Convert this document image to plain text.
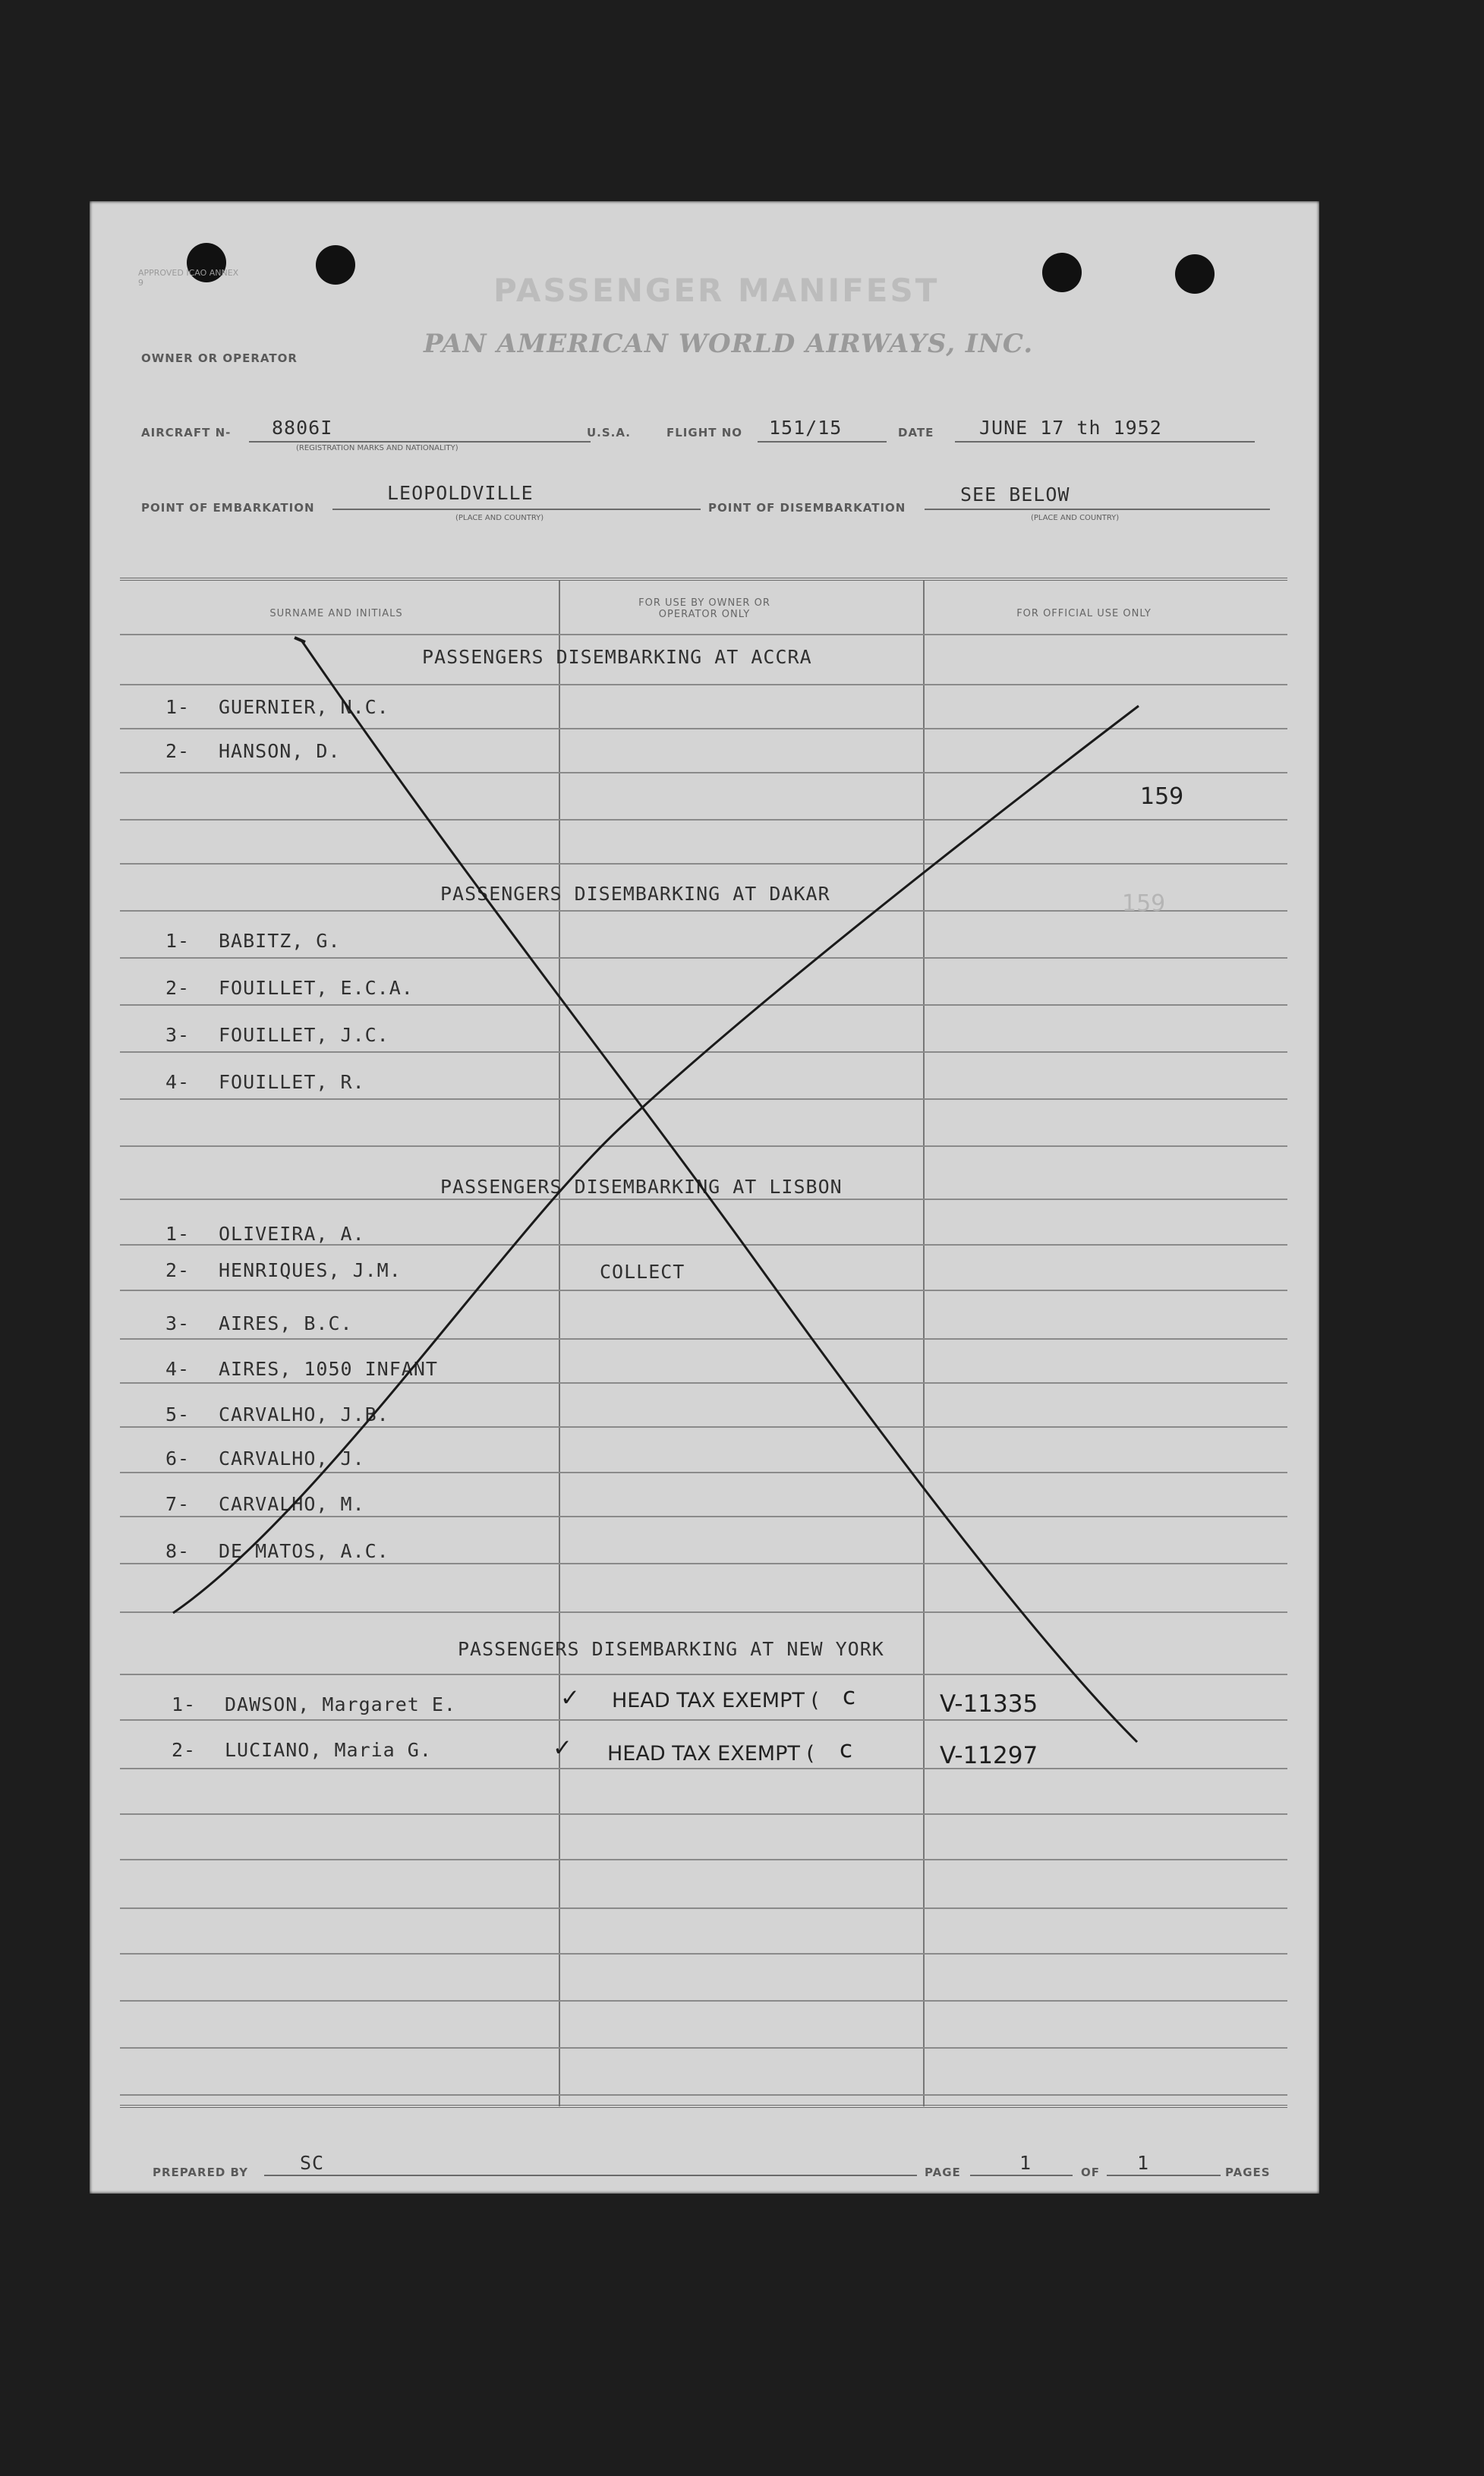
APPROVED ICAO ANNEX 9	PASSENGER MANIFEST
OWNER OR OPERATOR	PAN AMERICAN WORLD AIRWAYS, INC.
AIRCRAFT N- 8806I
(REGISTRATION MARKS AND NATIONALITY)
U.S.A.	FLIGHT NO 151/15	DATE JUNE 17 th 1952
POINT OF EMBARKATION
LEOPOLDVILLE
(PLACE AND COUNTRY)
POINT OF DISEMBARKATION
SEE BELOW
(PLACE AND COUNTRY)
SURNAME AND INITIALS
FOR USE BY OWNER OR OPERATOR ONLY	FOR OFFICIAL USE ONLY
PASSENGERS DISEMBARKING AT ACCRA
1- GUERNIER, N.C.
2- HANSON, D.
159
PASSENGERS DISEMBARKING AT DAKAR	159
1- BABITZ, G.
2- FOUILLET, E.C.A.
3- FOUILLET, J.C.
4- FOUILLET, R.
PASSENGERS DISEMBARKING AT LISBON
1- OLIVEIRA, A.
2- HENRIQUES, J.M.	COLLECT
3- AIRES, B.C.
4- AIRES, 1050 INFANT
5- CARVALHO, J.B.
6- CARVALHO, J.
7- CARVALHO, M.
8- DE MATOS, A.C.
PASSENGERS DISEMBARKING AT NEW YORK
1- DAWSON, Margaret E.	✓ HEAD TAX EXEMPT ( c	V-11335
2- LUCIANO, Maria G.	✓ HEAD TAX EXEMPT ( c	V-11297
PREPARED BY	SC	PAGE	1	OF 1	PAGES
